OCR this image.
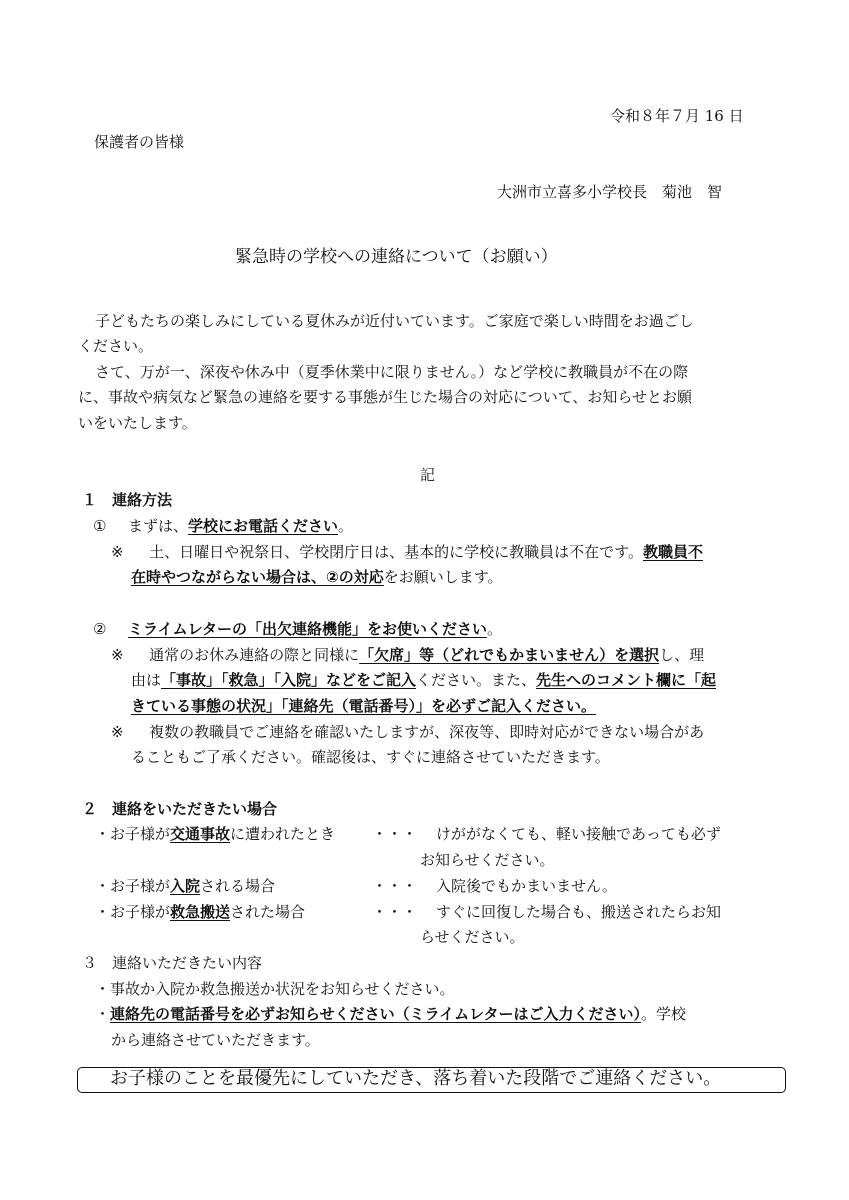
令和８年７月 16 日
保護者の皆様
大洲市立喜多小学校長　菊池　智
緊急時の学校への連絡について（お願い）
子どもたちの楽しみにしている夏休みが近付いています。ご家庭で楽しい時間をお過ごし
ください。
さて、万が一、深夜や休み中（夏季休業中に限りません。）など学校に教職員が不在の際
に、事故や病気など緊急の連絡を要する事態が生じた場合の対応について、お知らせとお願
いをいたします。
記
１　連絡方法
① まずは、学校にお電話ください。
※ 土、日曜日や祝祭日、学校閉庁日は、基本的に学校に教職員は不在です。教職員不
在時やつながらない場合は、②の対応をお願いします。
② ミライムレターの「出欠連絡機能」をお使いください。
※ 通常のお休み連絡の際と同様に「欠席」等（どれでもかまいません）を選択し、理
由は「事故」「救急」「入院」などをご記入ください。また、先生へのコメント欄に「起
きている事態の状況」「連絡先（電話番号）」を必ずご記入ください。
※ 複数の教職員でご連絡を確認いたしますが、深夜等、即時対応ができない場合があ
ることもご了承ください。確認後は、すぐに連絡させていただきます。
２　連絡をいただきたい場合
・お子様が交通事故に遭われたとき ・・・ けががなくても、軽い接触であっても必ず
お知らせください。
・お子様が入院される場合	・・・ 入院後でもかまいません。
・お子様が救急搬送された場合	・・・ すぐに回復した場合も、搬送されたらお知
らせください。
３　連絡いただきたい内容
・事故か入院か救急搬送か状況をお知らせください。
・連絡先の電話番号を必ずお知らせください（ミライムレターはご入力ください）。学校
から連絡させていただきます。
お子様のことを最優先にしていただき、落ち着いた段階でご連絡ください。
